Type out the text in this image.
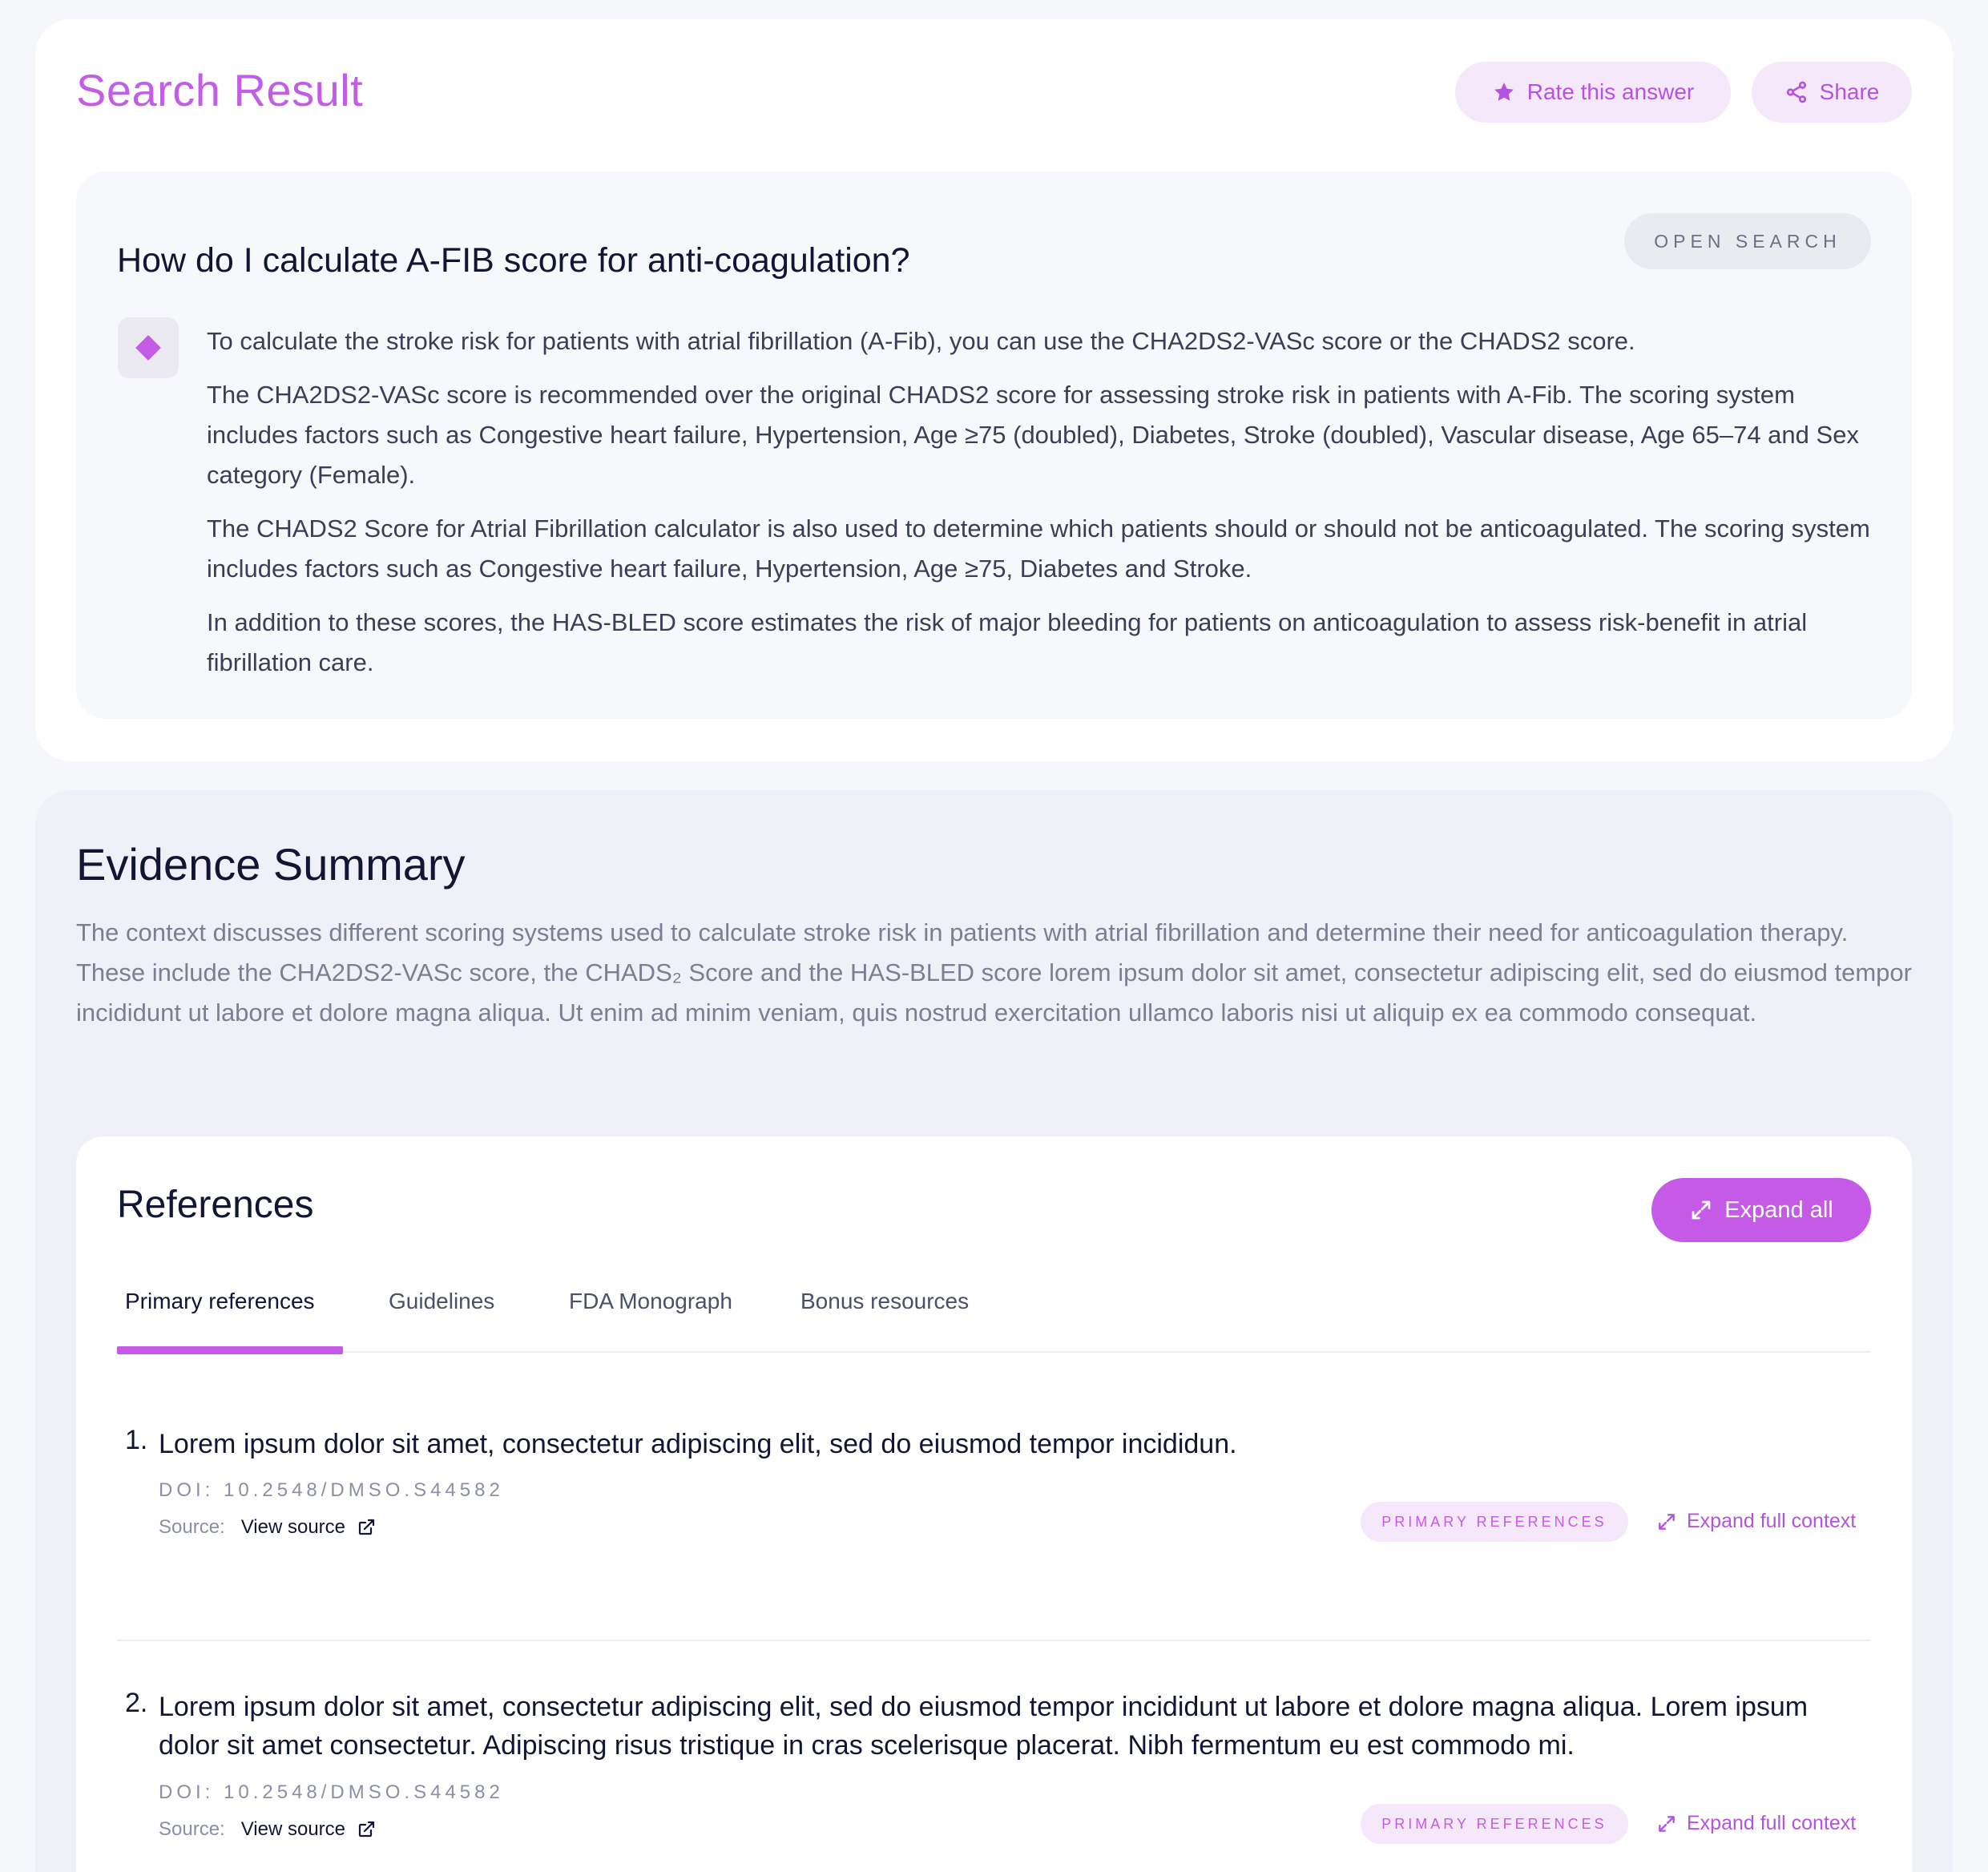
Search Result	Rate this answer	Share
How do I calculate A-FIB score for anti-coagulation?
OPEN SEARCH

To calculate the stroke risk for patients with atrial fibrillation (A-Fib), you can use the CHA2DS2-VASc score or the CHADS2 score.

The CHA2DS2-VASc score is recommended over the original CHADS2 score for assessing stroke risk in patients with A-Fib. The scoring system includes factors such as Congestive heart failure, Hypertension, Age ≥75 (doubled), Diabetes, Stroke (doubled), Vascular disease, Age 65–74 and Sex category (Female).

The CHADS2 Score for Atrial Fibrillation calculator is also used to determine which patients should or should not be anticoagulated. The scoring system includes factors such as Congestive heart failure, Hypertension, Age ≥75, Diabetes and Stroke.

In addition to these scores, the HAS-BLED score estimates the risk of major bleeding for patients on anticoagulation to assess risk-benefit in atrial fibrillation care.

Evidence Summary

The context discusses different scoring systems used to calculate stroke risk in patients with atrial fibrillation and determine their need for anticoagulation therapy. These include the CHA2DS2-VASc score, the CHADS₂ Score and the HAS-BLED score lorem ipsum dolor sit amet, consectetur adipiscing elit, sed do eiusmod tempor incididunt ut labore et dolore magna aliqua. Ut enim ad minim veniam, quis nostrud exercitation ullamco laboris nisi ut aliquip ex ea commodo consequat.

References	Expand all
Primary references	Guidelines	FDA Monograph	Bonus resources
1. Lorem ipsum dolor sit amet, consectetur adipiscing elit, sed do eiusmod tempor incididun.
DOI: 10.2548/DMSO.S44582
Source: View source	PRIMARY REFERENCES	Expand full context
2. Lorem ipsum dolor sit amet, consectetur adipiscing elit, sed do eiusmod tempor incididunt ut labore et dolore magna aliqua. Lorem ipsum dolor sit amet consectetur. Adipiscing risus tristique in cras scelerisque placerat. Nibh fermentum eu est commodo mi.
DOI: 10.2548/DMSO.S44582
Source: View source	PRIMARY REFERENCES	Expand full context
